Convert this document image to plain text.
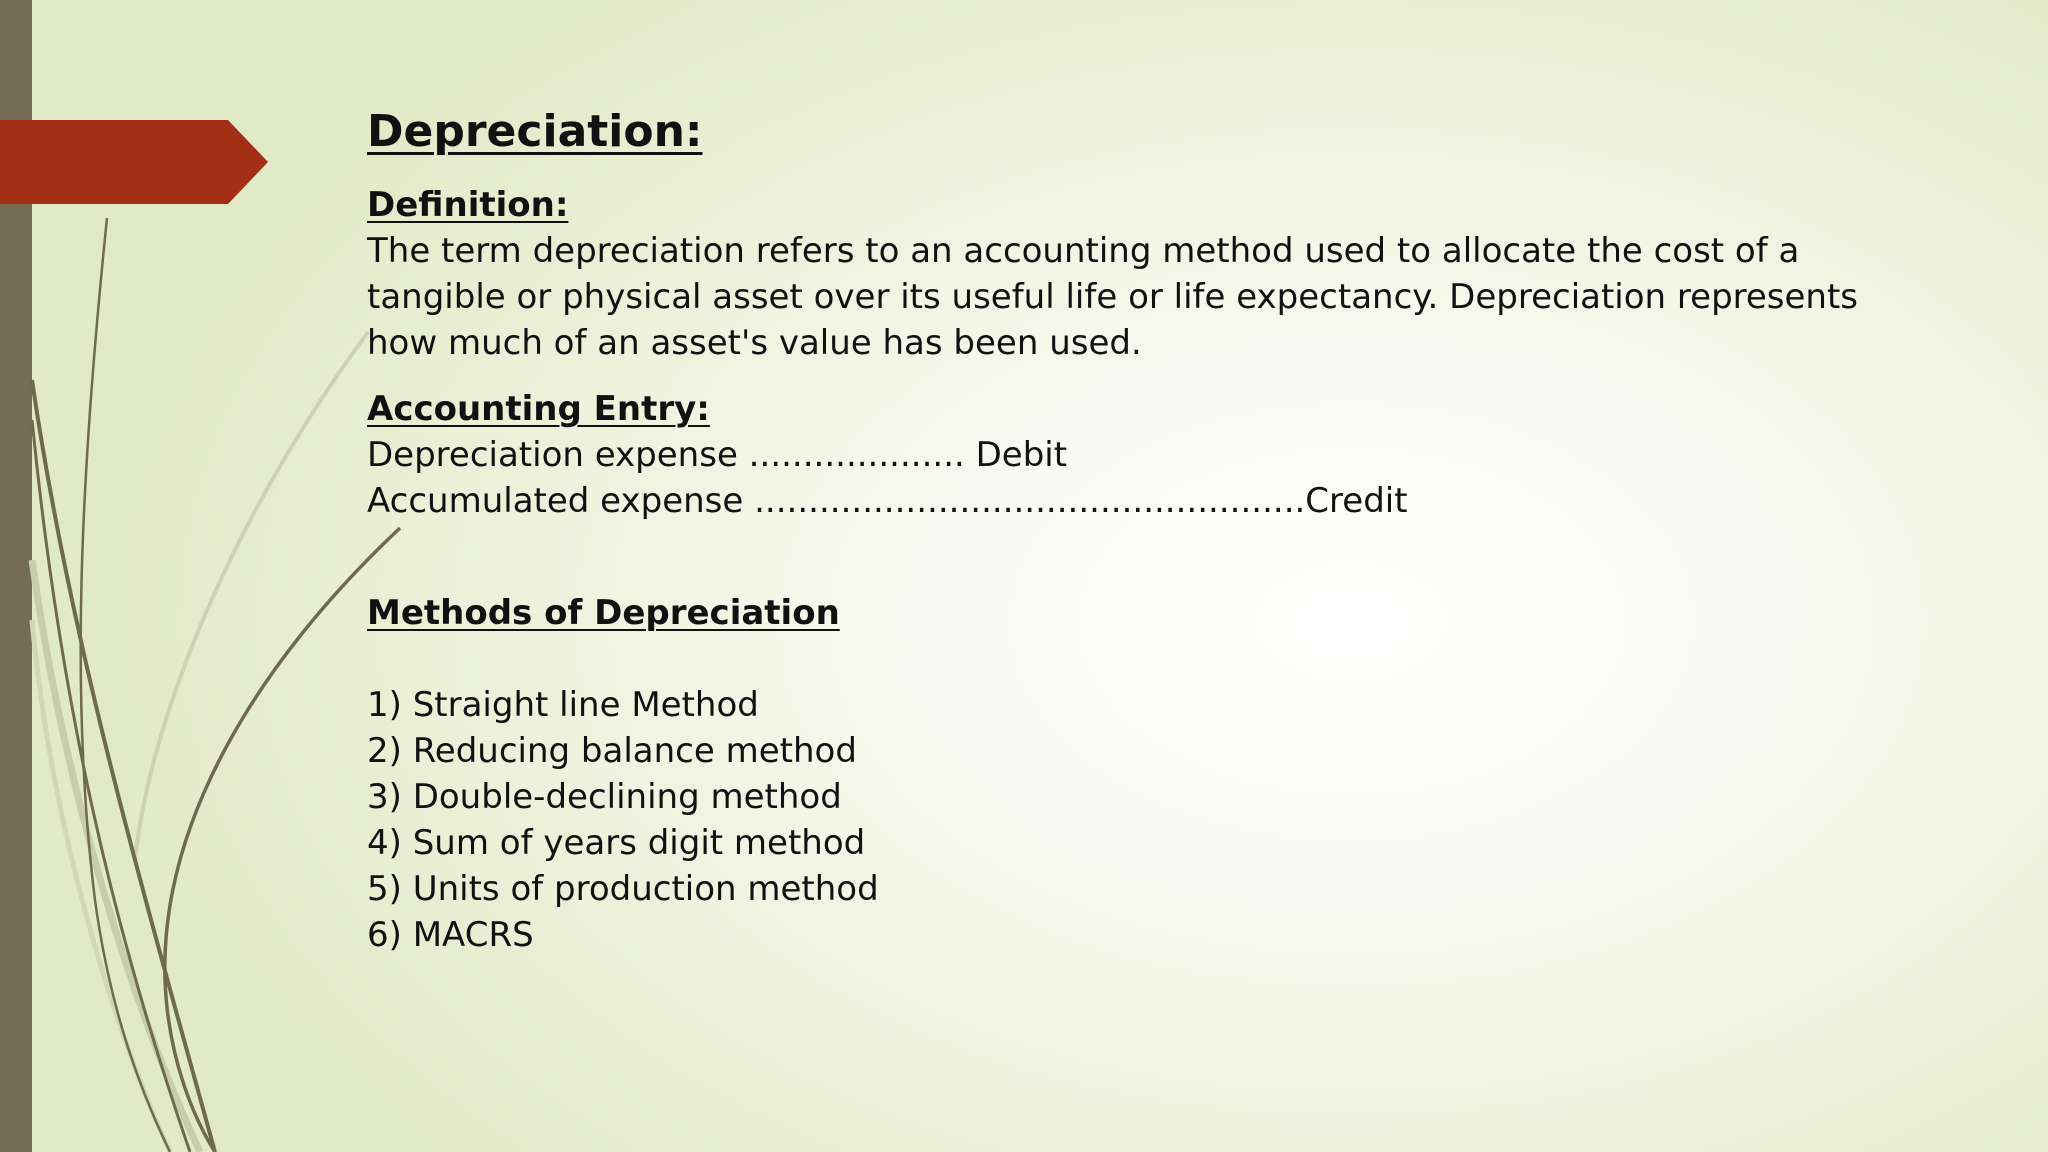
Depreciation:
Definition:
The term depreciation refers to an accounting method used to allocate the cost of a tangible or physical asset over its useful life or life expectancy. Depreciation represents how much of an asset's value has been used.
Accounting Entry:
Depreciation expense .................... Debit
Accumulated expense ...................................................Credit
Methods of Depreciation
1) Straight line Method
2) Reducing balance method
3) Double-declining method
4) Sum of years digit method
5) Units of production method
6) MACRS
